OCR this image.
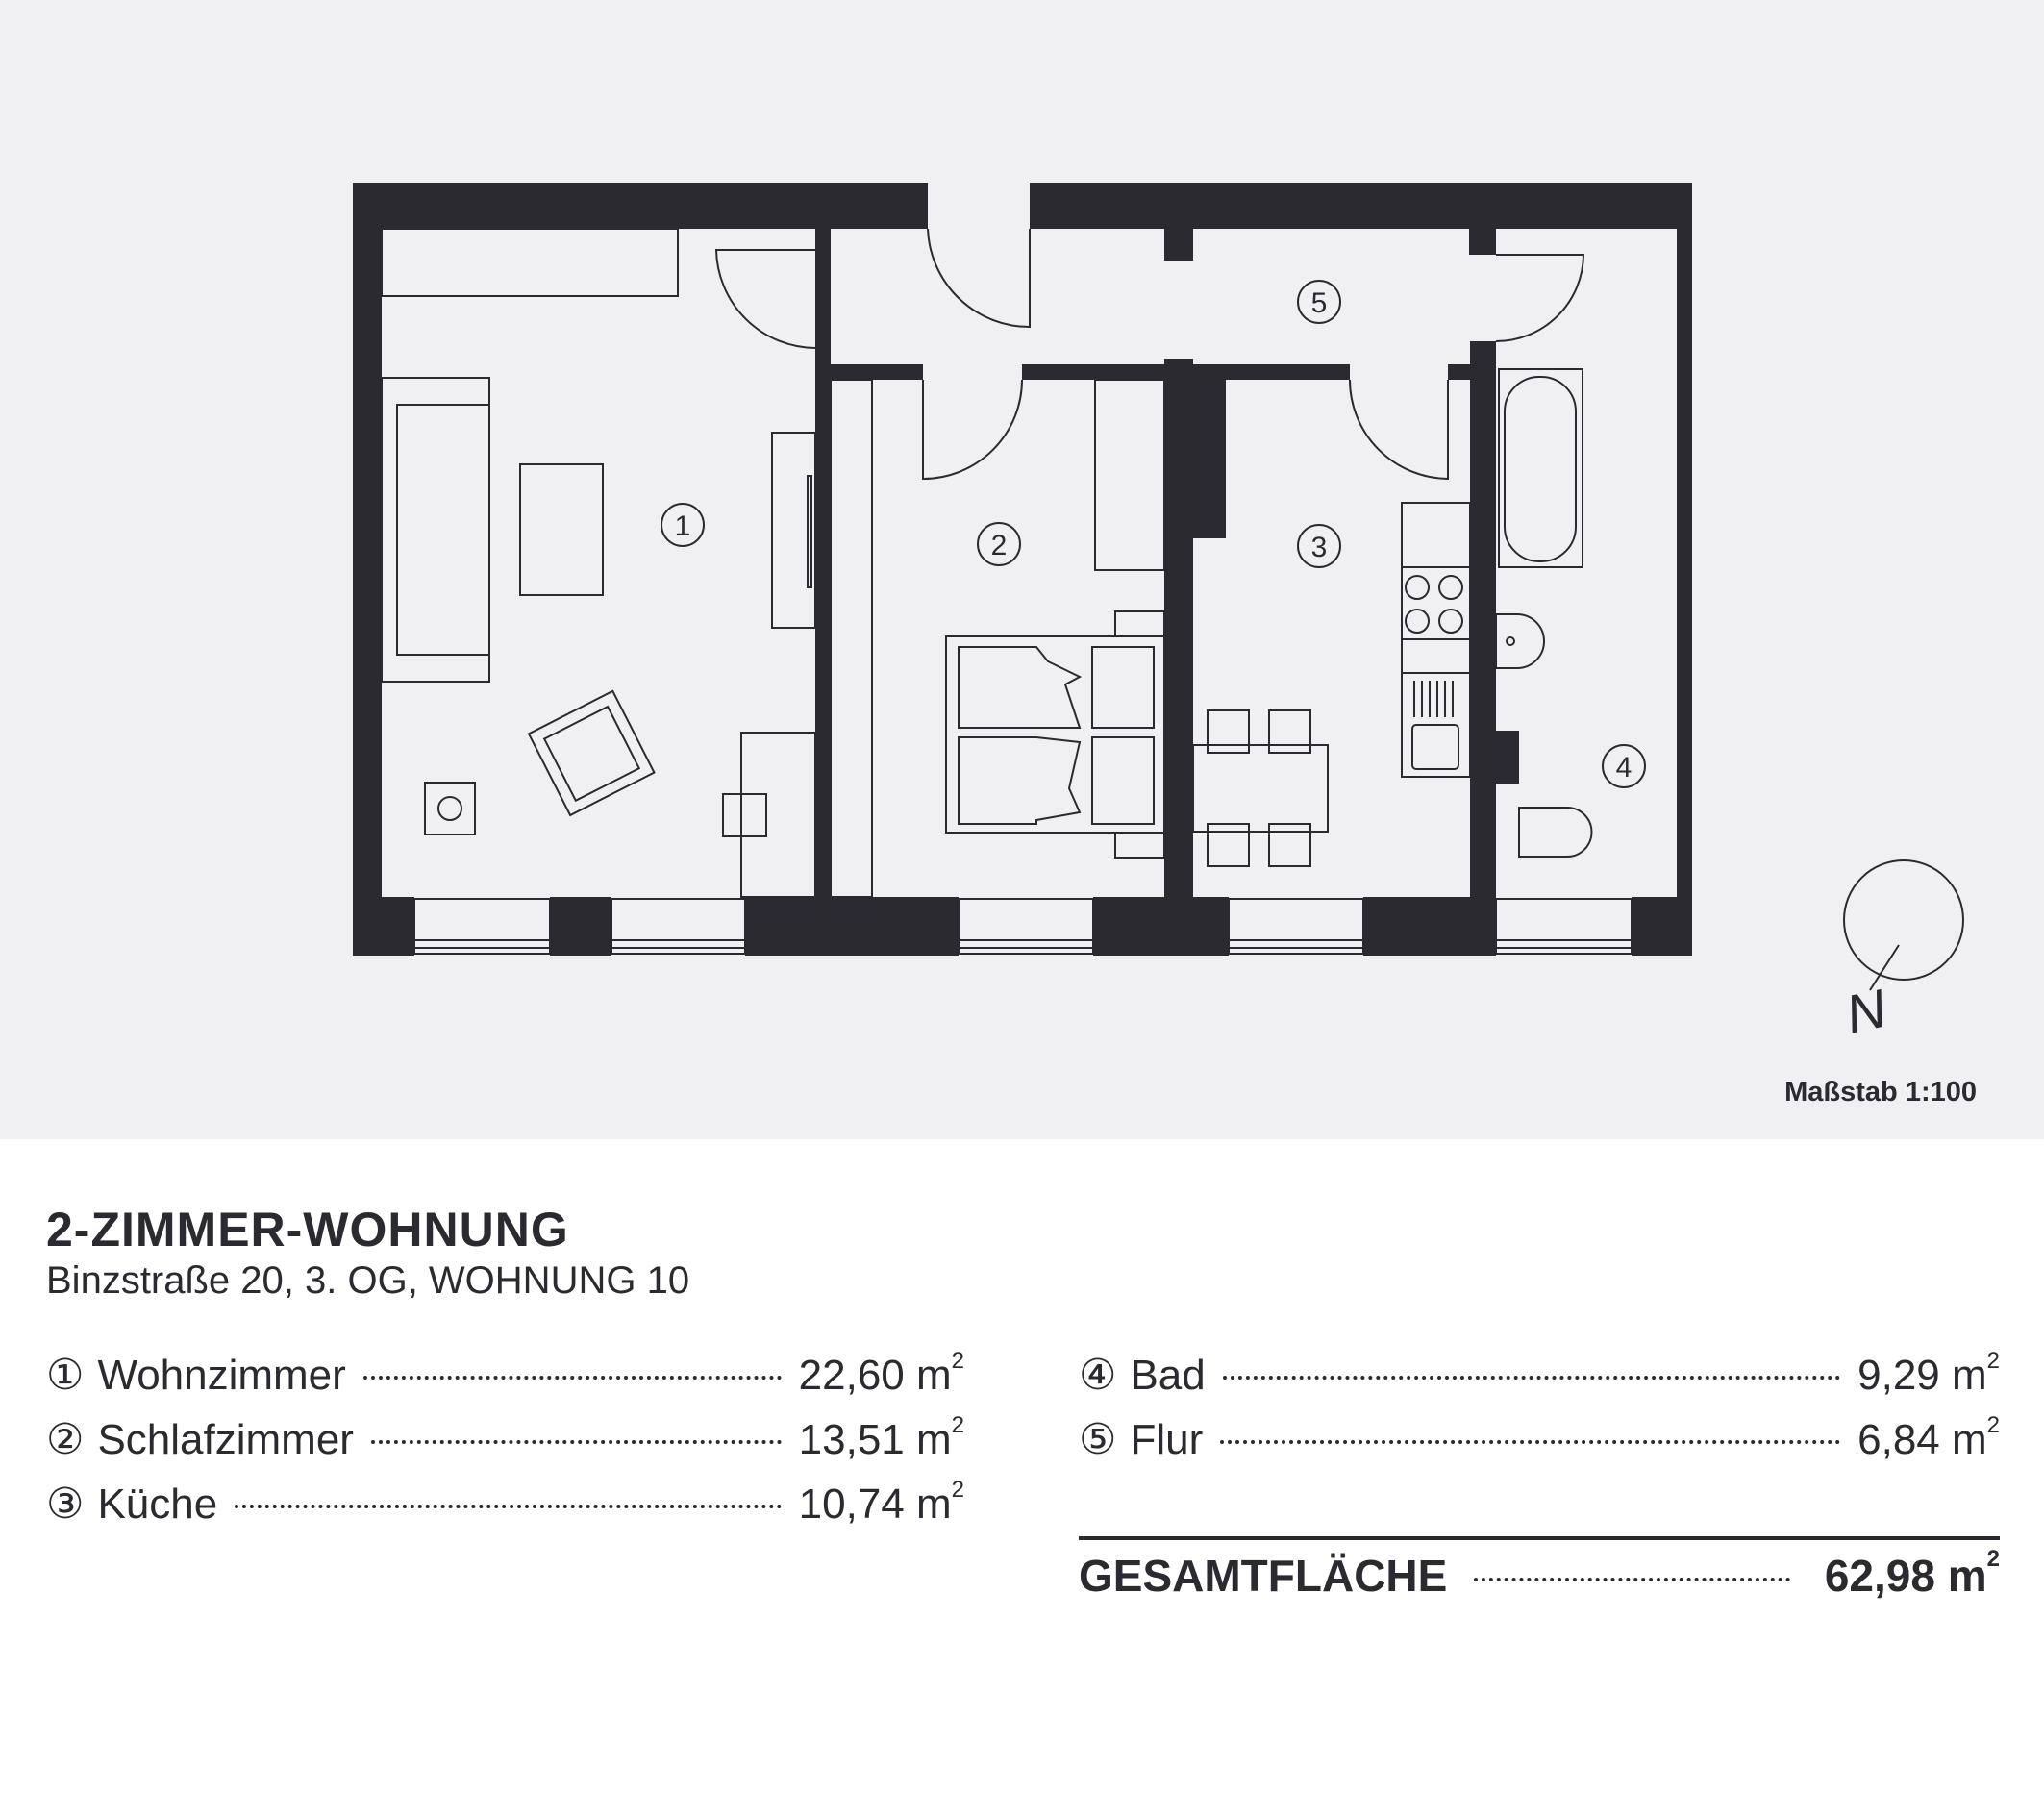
1
2	3
4
5
N
Maßstab 1:100
2-ZIMMER-WOHNUNG
Binzstraße 20, 3. OG, WOHNUNG 10
① Wohnzimmer	22,60 $m^2$
② Schlafzimmer	13,51 $m^2$
③ Küche	10,74 $m^2$
④ Bad	9,29 $m^2$
⑤ Flur	6,84 $m^2$
GESAMTFLÄCHE	62,98 $m^2$
